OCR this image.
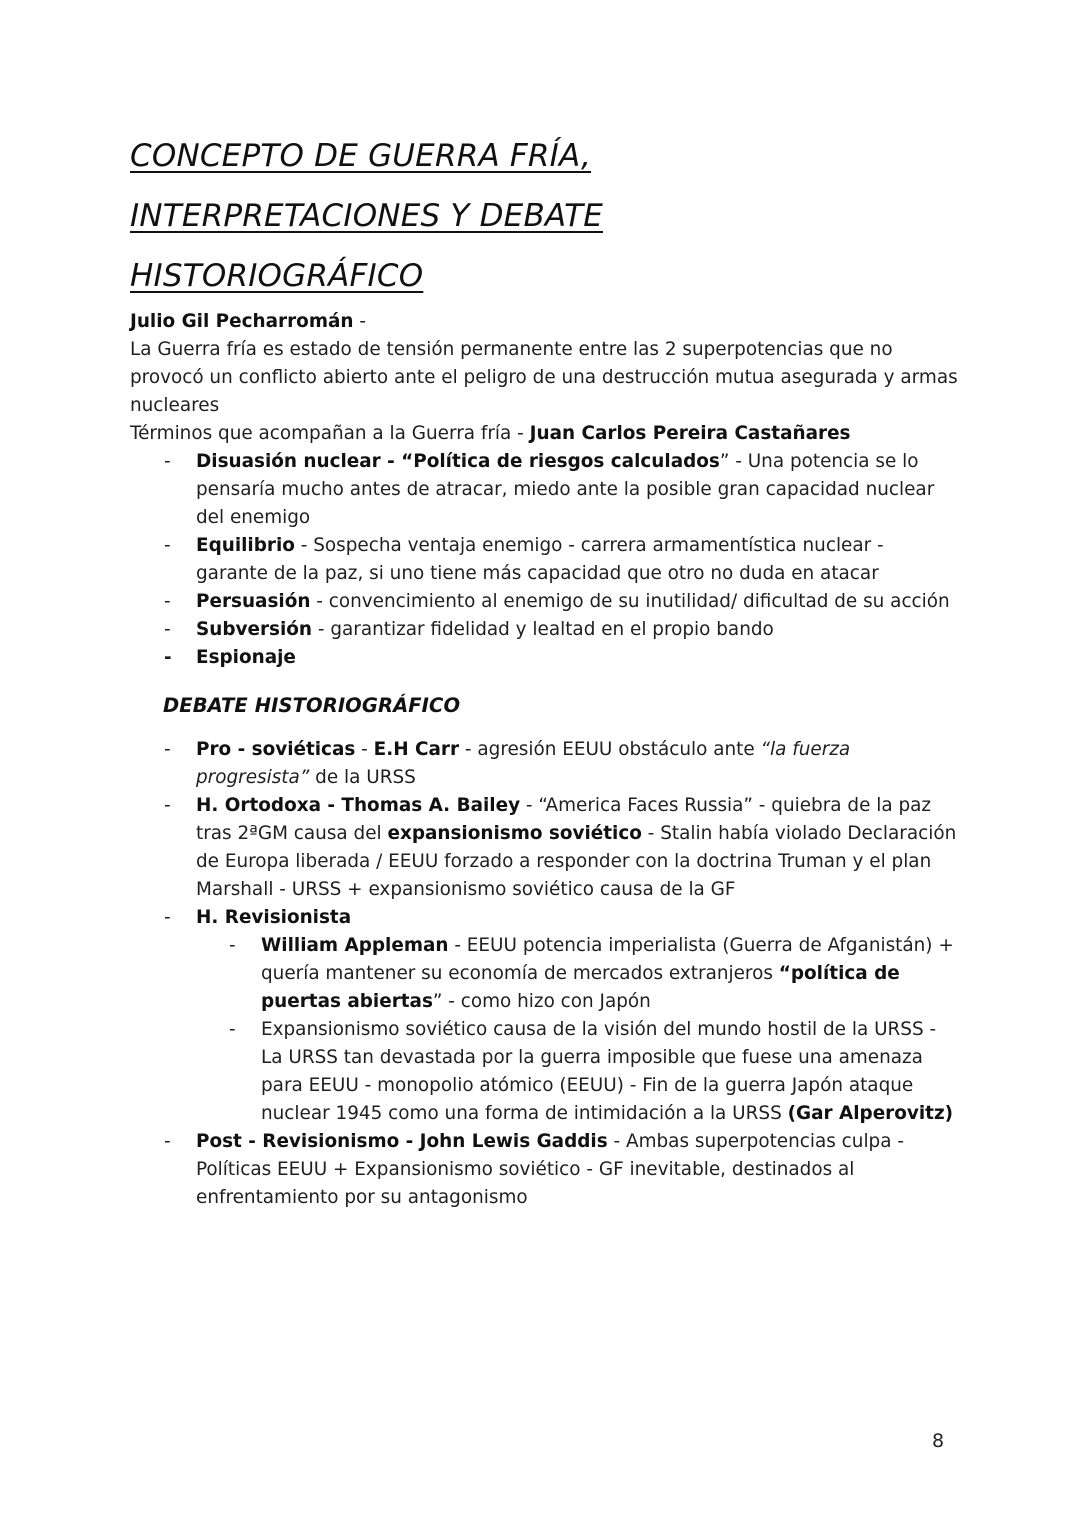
CONCEPTO DE GUERRA FRÍA,
INTERPRETACIONES Y DEBATE
HISTORIOGRÁFICO

Julio Gil Pecharromán -

La Guerra fría es estado de tensión permanente entre las 2 superpotencias que no provocó un conflicto abierto ante el peligro de una destrucción mutua asegurada y armas nucleares

Términos que acompañan a la Guerra fría - Juan Carlos Pereira Castañares

- Disuasión nuclear - “Política de riesgos calculados” - Una potencia se lo pensaría mucho antes de atracar, miedo ante la posible gran capacidad nuclear del enemigo
- Equilibrio - Sospecha ventaja enemigo - carrera armamentística nuclear - garante de la paz, si uno tiene más capacidad que otro no duda en atacar
- Persuasión - convencimiento al enemigo de su inutilidad/ dificultad de su acción
- Subversión - garantizar fidelidad y lealtad en el propio bando
- Espionaje
DEBATE HISTORIOGRÁFICO
- Pro - soviéticas - E.H Carr - agresión EEUU obstáculo ante “la fuerza progresista” de la URSS
- H. Ortodoxa - Thomas A. Bailey - “America Faces Russia” - quiebra de la paz tras 2ªGM causa del expansionismo soviético - Stalin había violado Declaración de Europa liberada / EEUU forzado a responder con la doctrina Truman y el plan Marshall - URSS + expansionismo soviético causa de la GF
- H. Revisionista
- William Appleman - EEUU potencia imperialista (Guerra de Afganistán) + quería mantener su economía de mercados extranjeros “política de puertas abiertas” - como hizo con Japón
- Expansionismo soviético causa de la visión del mundo hostil de la URSS - La URSS tan devastada por la guerra imposible que fuese una amenaza para EEUU - monopolio atómico (EEUU) - Fin de la guerra Japón ataque nuclear 1945 como una forma de intimidación a la URSS (Gar Alperovitz)
- Post - Revisionismo - John Lewis Gaddis - Ambas superpotencias culpa - Políticas EEUU + Expansionismo soviético - GF inevitable, destinados al enfrentamiento por su antagonismo
8
